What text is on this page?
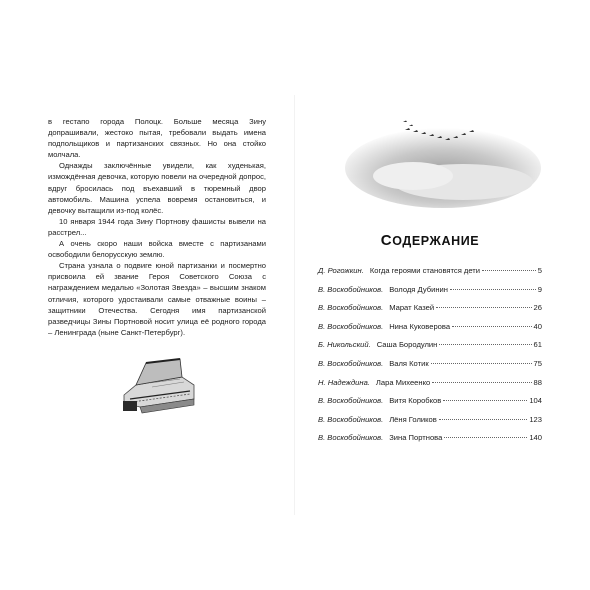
в гестапо города Полоцк. Больше месяца Зину допрашивали, жестоко пытая, требовали выдать имена подпольщиков и партизанских связных. Но она стойко молчала.

Однажды заключённые увидели, как худенькая, измождённая девочка, которую повели на очередной допрос, вдруг бросилась под въехавший в тюремный двор автомобиль. Машина успела вовремя остановиться, и девочку вытащили из-под колёс.

10 января 1944 года Зину Портнову фашисты вывели на расстрел...

А очень скоро наши войска вместе с партизанами освободили белорусскую землю.

Страна узнала о подвиге юной партизанки и посмертно присвоила ей звание Героя Советского Союза с награждением медалью «Золотая Звезда» – высшим знаком отличия, которого удостаивали самые отважные воины – защитники Отечества. Сегодня имя партизанской разведчицы Зины Портновой носит улица её родного города – Ленинграда (ныне Санкт-Петербург).

СОДЕРЖАНИЕ
Д. Рогожкин. Когда героями становятся дети	5
В. Воскобойников. Володя Дубинин	9
В. Воскобойников. Марат Казей	26
В. Воскобойников. Нина Куковерова	40
Б. Никольский. Саша Бородулин	61
В. Воскобойников. Валя Котик	75
Н. Надеждина. Лара Михеенко	88
В. Воскобойников. Витя Коробков	104
В. Воскобойников. Лёня Голиков	123
В. Воскобойников. Зина Портнова	140
